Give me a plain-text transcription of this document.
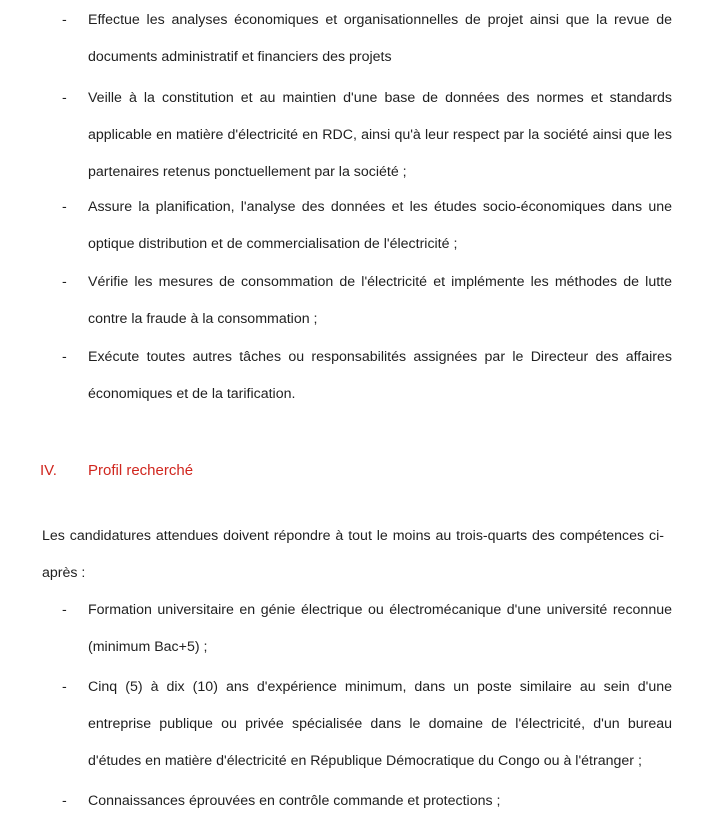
- Effectue les analyses économiques et organisationnelles de projet ainsi que la revue de documents administratif et financiers des projets
- Veille à la constitution et au maintien d'une base de données des normes et standards applicable en matière d'électricité en RDC, ainsi qu'à leur respect par la société ainsi que les partenaires retenus ponctuellement par la société ;
- Assure la planification, l'analyse des données et les études socio-économiques dans une optique distribution et de commercialisation de l'électricité ;
- Vérifie les mesures de consommation de l'électricité et implémente les méthodes de lutte contre la fraude à la consommation ;
- Exécute toutes autres tâches ou responsabilités assignées par le Directeur des affaires économiques et de la tarification.
IV. Profil recherché
Les candidatures attendues doivent répondre à tout le moins au trois-quarts des compétences ci-après :
- Formation universitaire en génie électrique ou électromécanique d'une université reconnue (minimum Bac+5) ;
- Cinq (5) à dix (10) ans d'expérience minimum, dans un poste similaire au sein d'une entreprise publique ou privée spécialisée dans le domaine de l'électricité, d'un bureau d'études en matière d'électricité en République Démocratique du Congo ou à l'étranger ;
- Connaissances éprouvées en contrôle commande et protections ;
